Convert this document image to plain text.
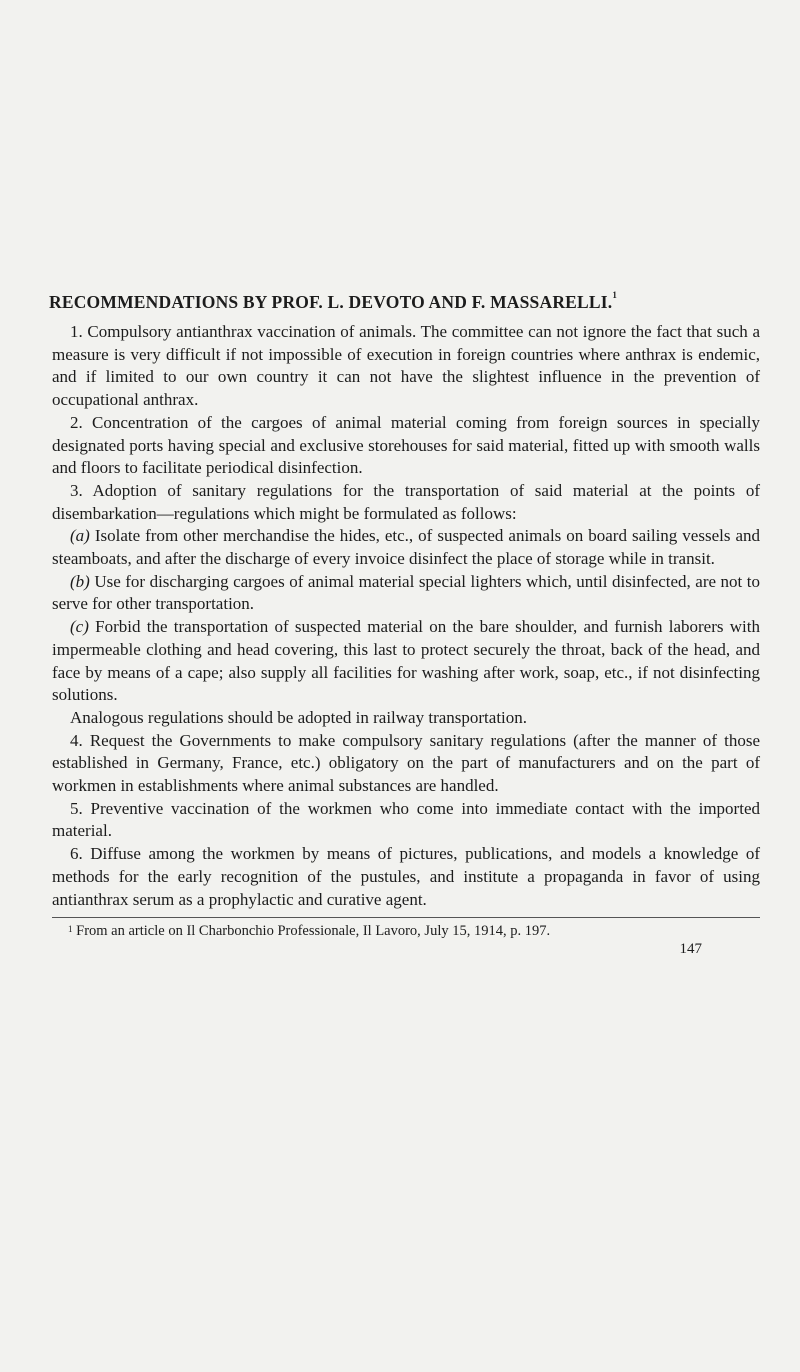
RECOMMENDATIONS BY PROF. L. DEVOTO AND F. MASSARELLI.$^1$

1. Compulsory antianthrax vaccination of animals. The committee can not ignore the fact that such a measure is very difficult if not impossible of execution in foreign countries where anthrax is endemic, and if limited to our own country it can not have the slightest influence in the prevention of occupational anthrax.

2. Concentration of the cargoes of animal material coming from foreign sources in specially designated ports having special and exclusive storehouses for said material, fitted up with smooth walls and floors to facilitate periodical disinfection.

3. Adoption of sanitary regulations for the transportation of said material at the points of disembarkation—regulations which might be formulated as follows:

(a) Isolate from other merchandise the hides, etc., of suspected animals on board sailing vessels and steamboats, and after the discharge of every invoice disinfect the place of storage while in transit.

(b) Use for discharging cargoes of animal material special lighters which, until disinfected, are not to serve for other transportation.

(c) Forbid the transportation of suspected material on the bare shoulder, and furnish laborers with impermeable clothing and head covering, this last to protect securely the throat, back of the head, and face by means of a cape; also supply all facilities for washing after work, soap, etc., if not disinfecting solutions.

Analogous regulations should be adopted in railway transportation.

4. Request the Governments to make compulsory sanitary regulations (after the manner of those established in Germany, France, etc.) obligatory on the part of manufacturers and on the part of workmen in establishments where animal substances are handled.

5. Preventive vaccination of the workmen who come into immediate contact with the imported material.

6. Diffuse among the workmen by means of pictures, publications, and models a knowledge of methods for the early recognition of the pustules, and institute a propaganda in favor of using antianthrax serum as a prophylactic and curative agent.

$^1$ From an article on Il Charbonchio Professionale, Il Lavoro, July 15, 1914, p. 197.

147
